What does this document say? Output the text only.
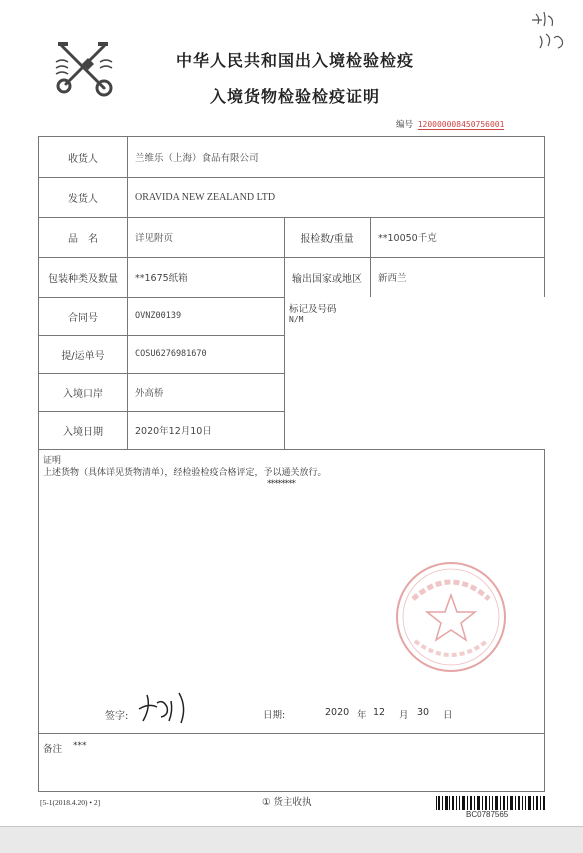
中华人民共和国出入境检验检疫
入境货物检验检疫证明
编号 120000008450756001
收货人	兰维乐（上海）食品有限公司
发货人	ORAVIDA NEW ZEALAND LTD
品　名	详见附页	报检数/重量	**10050千克
包装种类及数量	**1675纸箱	输出国家或地区	新西兰
合同号	OVNZ00139
提/运单号	COSU6276981670
入境口岸	外高桥
入境日期	2020年12月10日
标记及号码
N/M
证明
上述货物（具体详见货物清单），经检验检疫合格评定，予以通关放行。
********
签字:	日期:	2020 年 12 月 30 日
备注 ***
[5-1(2018.4.20) • 2]	① 货主收执
BC0787565
